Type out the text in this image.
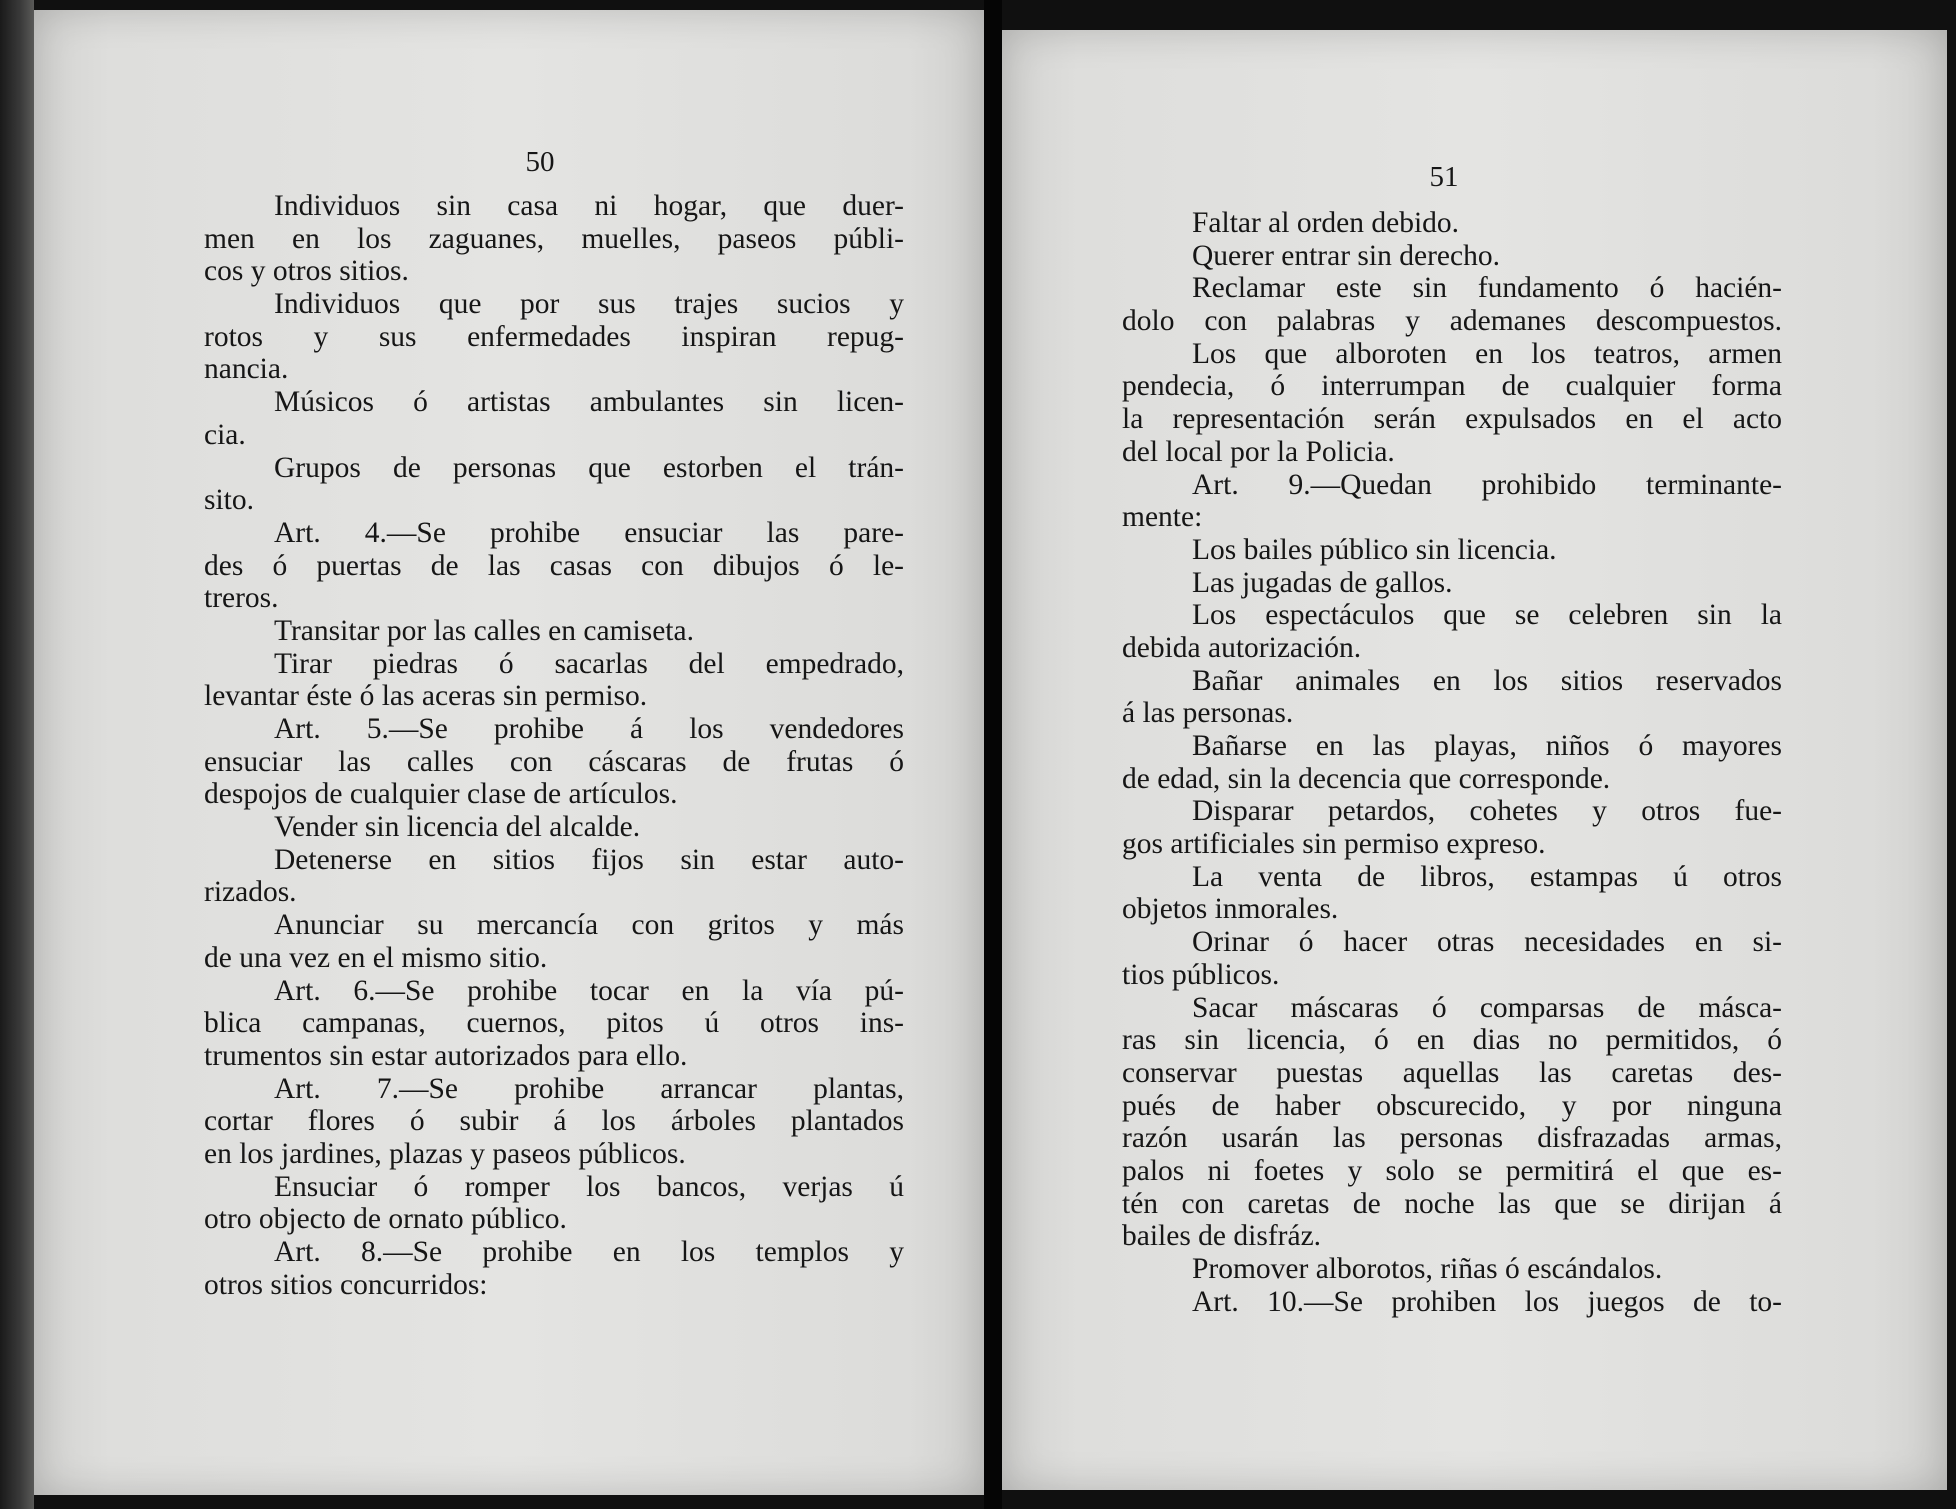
50
Individuos sin casa ni hogar, que duer-
men en los zaguanes, muelles, paseos públi-
cos y otros sitios.
Individuos que por sus trajes sucios y
rotos y sus enfermedades inspiran repug-
nancia.
Músicos ó artistas ambulantes sin licen-
cia.
Grupos de personas que estorben el trán-
sito.
Art. 4.—Se prohibe ensuciar las pare-
des ó puertas de las casas con dibujos ó le-
treros.
Transitar por las calles en camiseta.
Tirar piedras ó sacarlas del empedrado,
levantar éste ó las aceras sin permiso.
Art. 5.—Se prohibe á los vendedores
ensuciar las calles con cáscaras de frutas ó
despojos de cualquier clase de artículos.
Vender sin licencia del alcalde.
Detenerse en sitios fijos sin estar auto-
rizados.
Anunciar su mercancía con gritos y más
de una vez en el mismo sitio.
Art. 6.—Se prohibe tocar en la vía pú-
blica campanas, cuernos, pitos ú otros ins-
trumentos sin estar autorizados para ello.
Art. 7.—Se prohibe arrancar plantas,
cortar flores ó subir á los árboles plantados
en los jardines, plazas y paseos públicos.
Ensuciar ó romper los bancos, verjas ú
otro objecto de ornato público.
Art. 8.—Se prohibe en los templos y
otros sitios concurridos:
51
Faltar al orden debido.
Querer entrar sin derecho.
Reclamar este sin fundamento ó hacién-
dolo con palabras y ademanes descompuestos.
Los que alboroten en los teatros, armen
pendecia, ó interrumpan de cualquier forma
la representación serán expulsados en el acto
del local por la Policia.
Art. 9.—Quedan prohibido terminante-
mente:
Los bailes público sin licencia.
Las jugadas de gallos.
Los espectáculos que se celebren sin la
debida autorización.
Bañar animales en los sitios reservados
á las personas.
Bañarse en las playas, niños ó mayores
de edad, sin la decencia que corresponde.
Disparar petardos, cohetes y otros fue-
gos artificiales sin permiso expreso.
La venta de libros, estampas ú otros
objetos inmorales.
Orinar ó hacer otras necesidades en si-
tios públicos.
Sacar máscaras ó comparsas de másca-
ras sin licencia, ó en dias no permitidos, ó
conservar puestas aquellas las caretas des-
pués de haber obscurecido, y por ninguna
razón usarán las personas disfrazadas armas,
palos ni foetes y solo se permitirá el que es-
tén con caretas de noche las que se dirijan á
bailes de disfráz.
Promover alborotos, riñas ó escándalos.
Art. 10.—Se prohiben los juegos de to-
